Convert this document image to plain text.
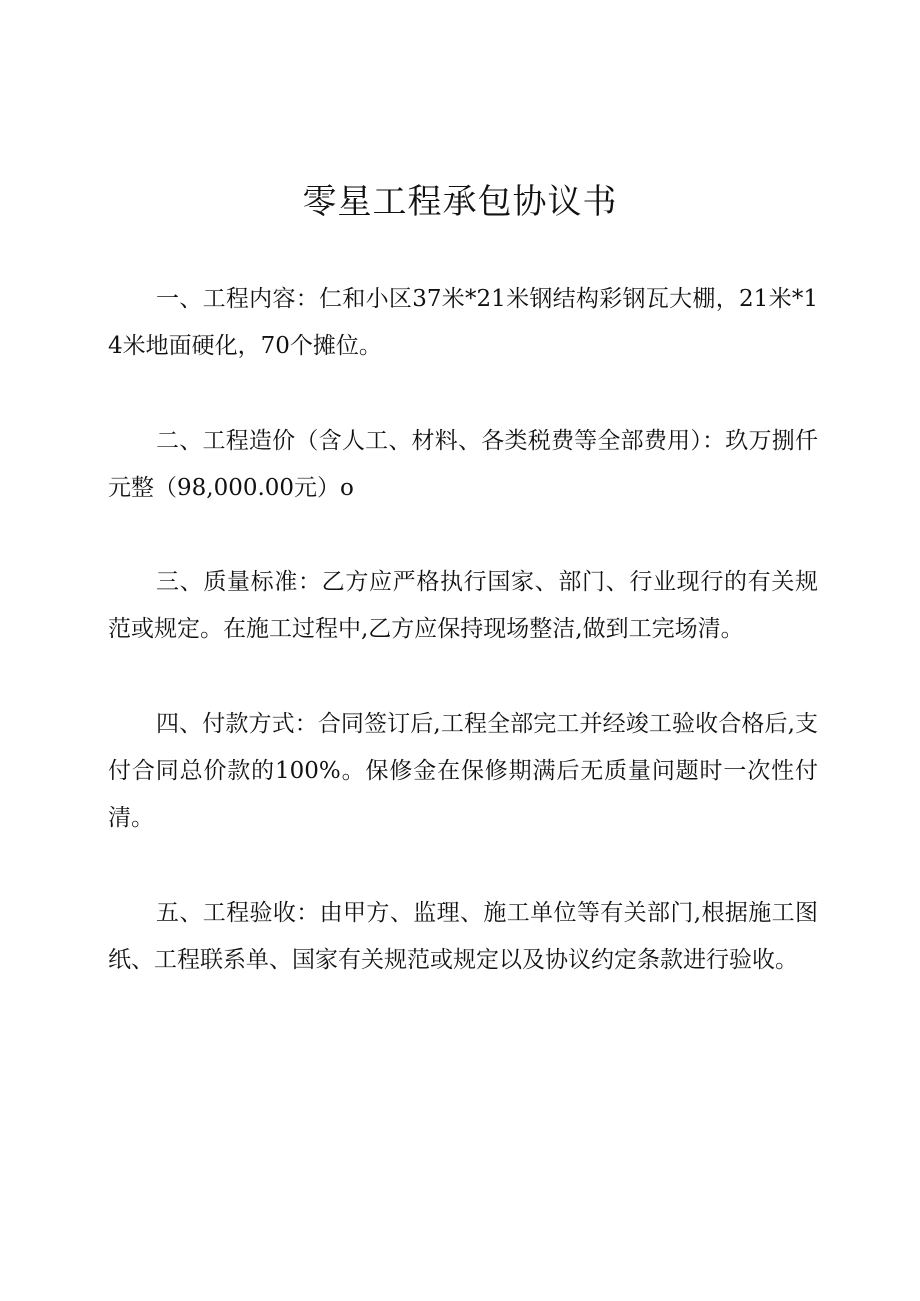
零星工程承包协议书

一、工程内容：仁和小区37米*21米钢结构彩钢瓦大棚，21米*14米地面硬化，70个摊位。

二、工程造价（含人工、材料、各类税费等全部费用）：玖万捌仟元整（98,000.00元）o

三、质量标准：乙方应严格执行国家、部门、行业现行的有关规范或规定。在施工过程中,乙方应保持现场整洁,做到工完场清。

四、付款方式：合同签订后,工程全部完工并经竣工验收合格后,支付合同总价款的100%。保修金在保修期满后无质量问题时一次性付清。

五、工程验收：由甲方、监理、施工单位等有关部门,根据施工图纸、工程联系单、国家有关规范或规定以及协议约定条款进行验收。
